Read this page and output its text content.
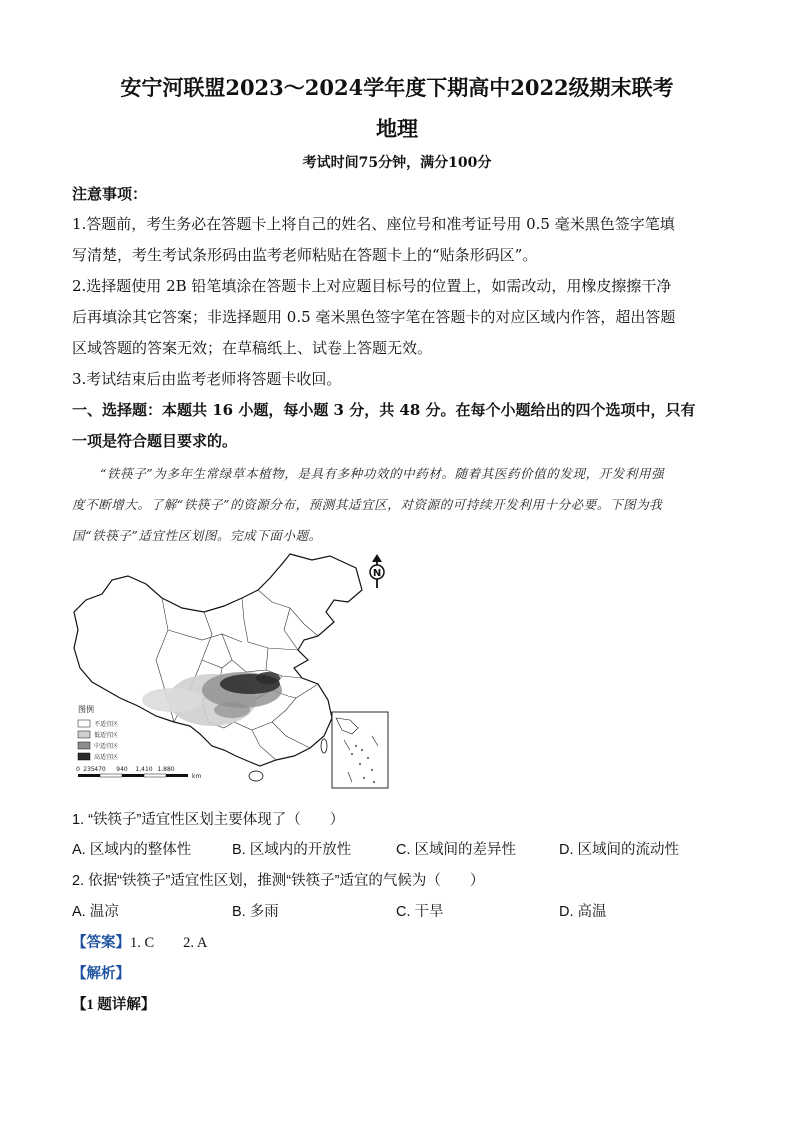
安宁河联盟2023～2024学年度下期高中2022级期末联考
地理
考试时间75分钟，满分100分
注意事项：
1.答题前，考生务必在答题卡上将自己的姓名、座位号和准考证号用 0.5 毫米黑色签字笔填
写清楚，考生考试条形码由监考老师粘贴在答题卡上的“贴条形码区”。
2.选择题使用 2B 铅笔填涂在答题卡上对应题目标号的位置上，如需改动，用橡皮擦擦干净
后再填涂其它答案；非选择题用 0.5 毫米黑色签字笔在答题卡的对应区域内作答，超出答题
区域答题的答案无效；在草稿纸上、试卷上答题无效。
3.考试结束后由监考老师将答题卡收回。
一、选择题：本题共 16 小题，每小题 3 分，共 48 分。在每个小题给出的四个选项中，只有
一项是符合题目要求的。
“铁筷子”为多年生常绿草本植物，是具有多种功效的中药材。随着其医药价值的发现，开发利用强
度不断增大。了解“铁筷子”的资源分布，预测其适宜区，对资源的可持续开发利用十分必要。下图为我
国“铁筷子”适宜性区划图。完成下面小题。
N
图例
不适宜区
低适宜区
中适宜区
高适宜区
0 235 470 940 1,410 1,880
km
1. “铁筷子”适宜性区划主要体现了（　　）
A. 区域内的整体性	B. 区域内的开放性	C. 区域间的差异性	D. 区域间的流动性
2. 依据“铁筷子”适宜性区划，推测“铁筷子”适宜的气候为（　　）
A. 温凉	B. 多雨	C. 干旱	D. 高温
【答案】1. C　　2. A
【解析】
【1 题详解】
